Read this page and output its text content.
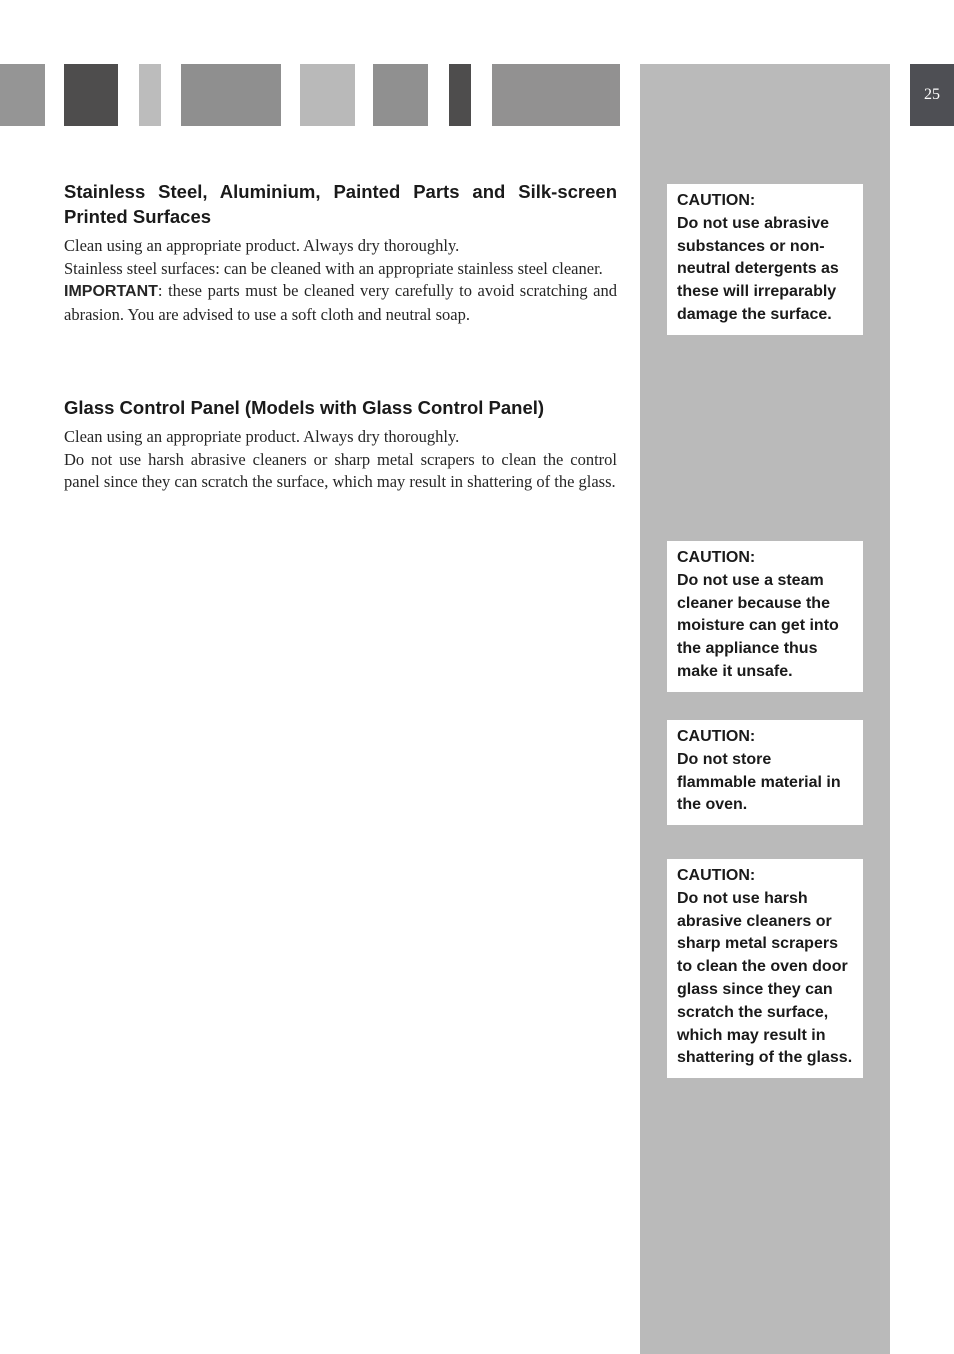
25
Stainless Steel, Aluminium, Painted Parts and Silk-screen Printed Surfaces

Clean using an appropriate product. Always dry thoroughly.
Stainless steel surfaces: can be cleaned with an appropriate stainless steel cleaner.
IMPORTANT: these parts must be cleaned very carefully to avoid scratching and abrasion. You are advised to use a soft cloth and neutral soap.

Glass Control Panel (Models with Glass Control Panel)

Clean using an appropriate product. Always dry thoroughly.
Do not use harsh abrasive cleaners or sharp metal scrapers to clean the control panel since they can scratch the surface, which may result in shattering of the glass.

CAUTION:
Do not use abrasive substances or non-neutral detergents as these will irreparably damage the surface.
CAUTION:
Do not use a steam cleaner because the moisture can get into the appliance thus make it unsafe.
CAUTION:
Do not store flammable material in the oven.
CAUTION:
Do not use harsh abrasive cleaners or sharp metal scrapers to clean the oven door glass since they can scratch the surface, which may result in shattering of the glass.
